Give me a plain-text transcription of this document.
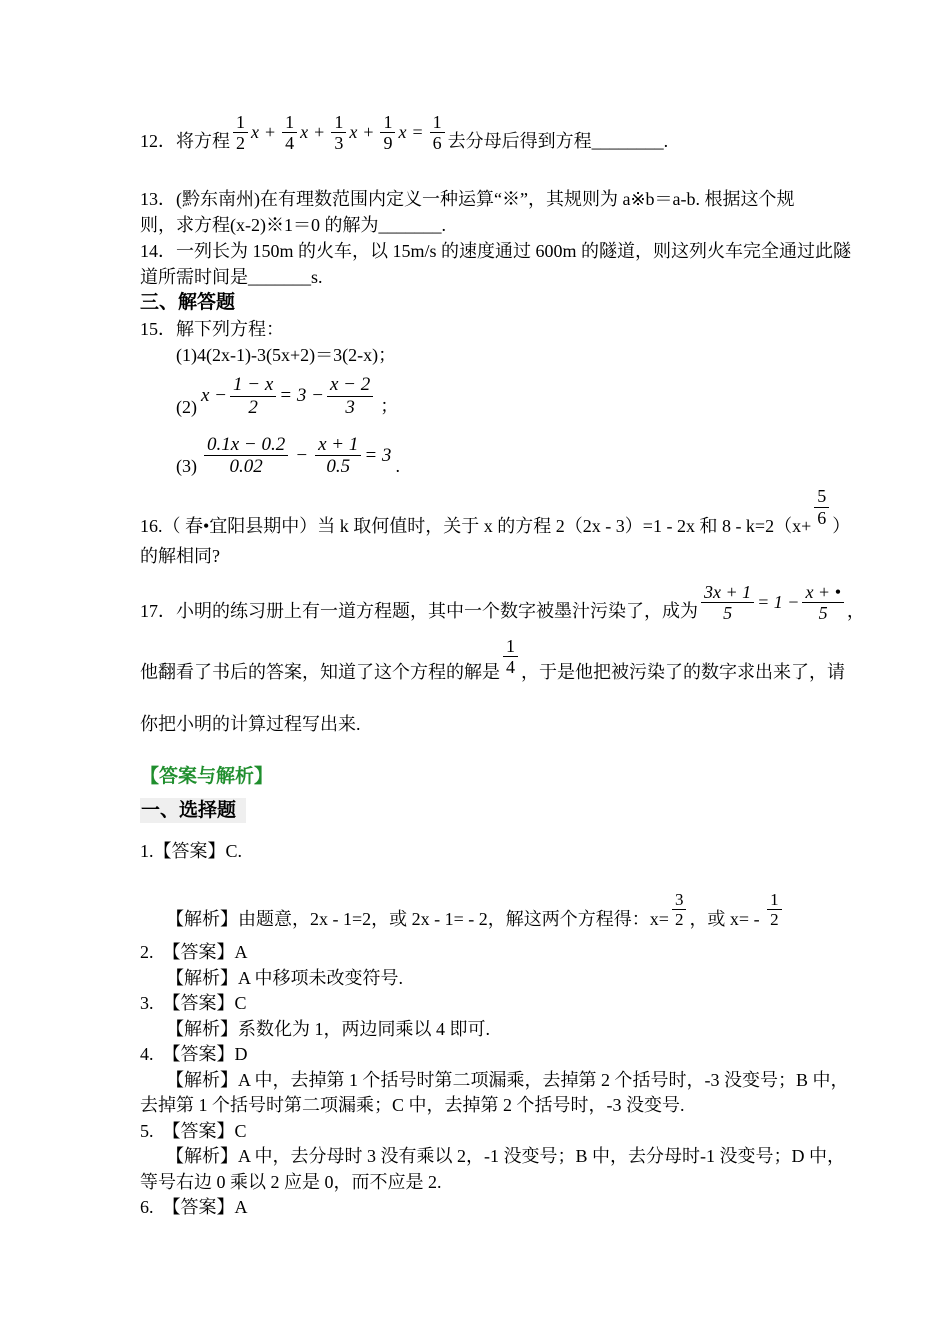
12．将方程 $\frac{1}{2}$ $x + \frac{1}{4}$ $x + \frac{1}{3}$ $x + \frac{1}{9}$ $x = \frac{1}{6}$ 去分母后得到方程________.
13．(黔东南州)在有理数范围内定义一种运算“※”，其规则为 a※b＝a-b. 根据这个规
则，求方程(x-2)※1＝0 的解为_______.
14．一列长为 150m 的火车，以 15m/s 的速度通过 600m 的隧道，则这列火车完全通过此隧
道所需时间是_______s.
三、解答题
15．解下列方程：
(1)4(2x-1)-3(5x+2)＝3(2-x)；
(2)
$x - \frac{1 - x}{2} = 3 - \frac{x - 2}{3}$ ；
$(3) \frac{0.1x - 0.2}{0.02} - \frac{x + 1}{0.5} = 3$
.
16.（ 春•宜阳县期中）当 k 取何值时，关于 x 的方程 2（2x - 3）=1 - 2x 和 $8 - k=2(x+ \frac{5}{6}$ ）
的解相同?
17．小明的练习册上有一道方程题，其中一个数字被墨汁污染了，成为 $\frac{3x + 1}{5} = 1 - \frac{x + •}{5}$ ，
他翻看了书后的答案，知道了这个方程的解是 $\frac{1}{4}$ ，于是他把被污染了的数字求出来了，请
你把小明的计算过程写出来.
【答案与解析】
一、选择题
1.【答案】C.
【解析】由题意，2x - 1=2，或 2x - 1= - 2，解这两个方程得：$x= \frac{3}{2}$ ，或 $x= - \frac{1}{2}$
2.　【答案】A
【解析】A 中移项未改变符号.
3.　【答案】C
【解析】系数化为 1，两边同乘以 4 即可.
4.　【答案】D
【解析】A 中，去掉第 1 个括号时第二项漏乘，去掉第 2 个括号时，-3 没变号；B 中，
去掉第 1 个括号时第二项漏乘；C 中，去掉第 2 个括号时，-3 没变号.
5.　【答案】C
【解析】A 中，去分母时 3 没有乘以 2，-1 没变号；B 中，去分母时-1 没变号；D 中，
等号右边 0 乘以 2 应是 0，而不应是 2.
6.　【答案】A
